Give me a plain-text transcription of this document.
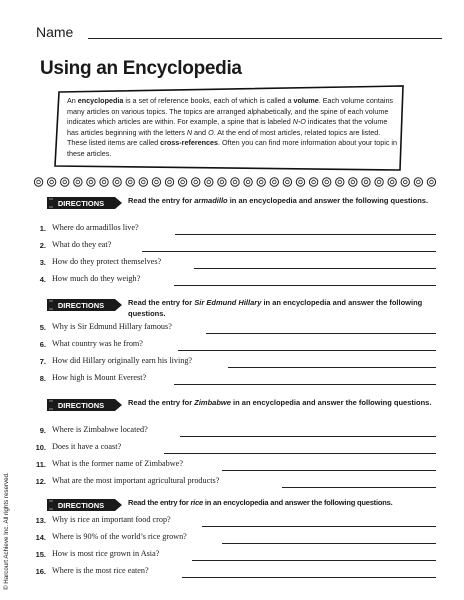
Name
Using an Encyclopedia
An encyclopedia is a set of reference books, each of which is called a volume. Each volume contains many articles on various topics. The topics are arranged alphabetically, and the spine of each volume indicates which articles are within. For example, a spine that is labeled N-O indicates that the volume has articles beginning with the letters N and O. At the end of most articles, related topics are listed. These listed items are called cross-references. Often you can find more information about your topic in these articles.
DIRECTIONS	Read the entry for armadillo in an encyclopedia and answer the following questions.
1. Where do armadillos live?
2. What do they eat?
3. How do they protect themselves?
4. How much do they weigh?
DIRECTIONS	Read the entry for Sir Edmund Hillary in an encyclopedia and answer the following questions.
5. Why is Sir Edmund Hillary famous?
6. What country was he from?
7. How did Hillary originally earn his living?
8. How high is Mount Everest?
DIRECTIONS	Read the entry for Zimbabwe in an encyclopedia and answer the following questions.
9. Where is Zimbabwe located?
10. Does it have a coast?
11. What is the former name of Zimbabwe?
12. What are the most important agricultural products?
DIRECTIONS	Read the entry for rice in an encyclopedia and answer the following questions.
13. Why is rice an important food crop?
14. Where is 90% of the world’s rice grown?
15. How is most rice grown in Asia?
16. Where is the most rice eaten?
© Harcourt Achieve Inc. All rights reserved.
